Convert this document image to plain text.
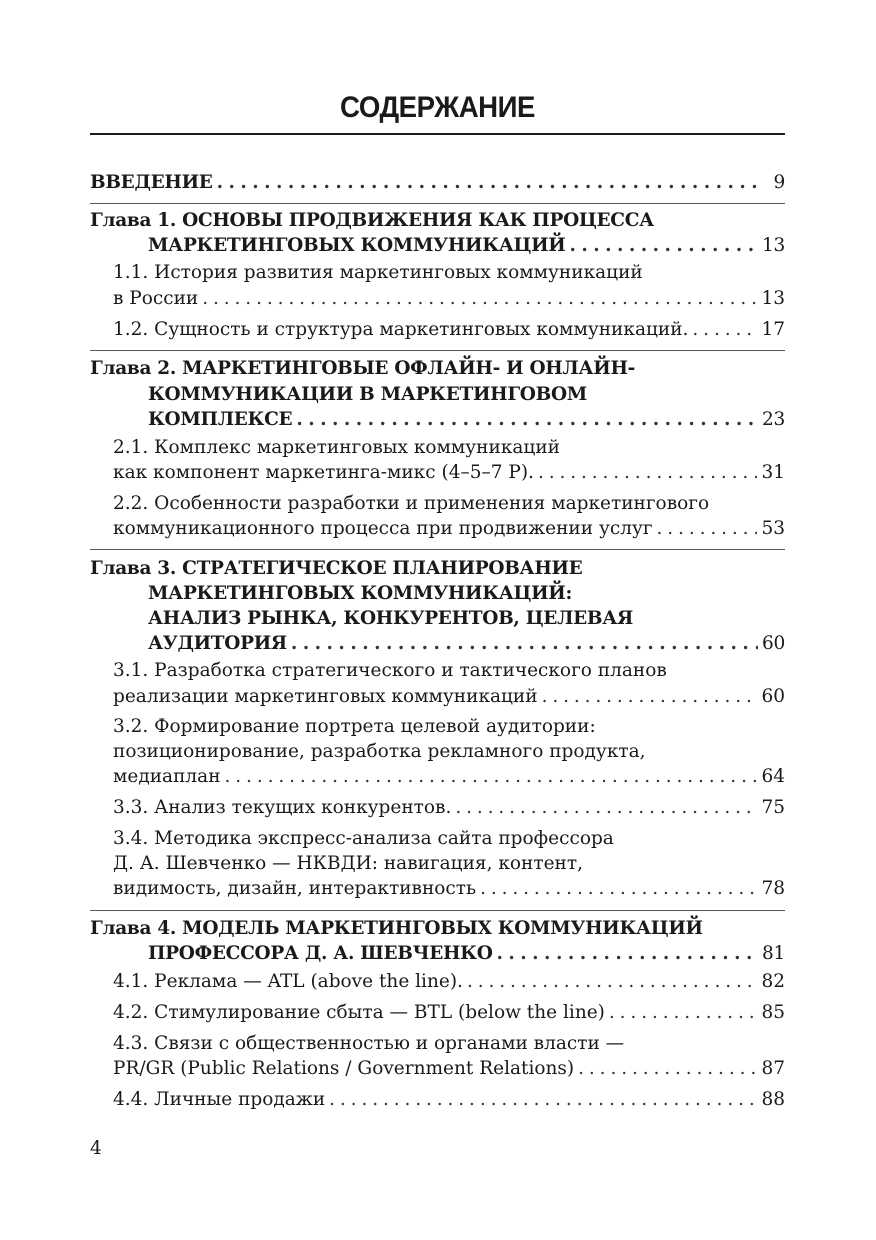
СОДЕРЖАНИЕ
ВВЕДЕНИЕ . . .	9
Глава 1. ОСНОВЫ ПРОДВИЖЕНИЯ КАК ПРОЦЕССА
МАРКЕТИНГОВЫХ КОММУНИКАЦИЙ . . .	13
1.1. История развития маркетинговых коммуникаций
в России . . .	13
1.2. Сущность и структура маркетинговых коммуникаций. . . .	17
Глава 2. МАРКЕТИНГОВЫЕ ОФЛАЙН- И ОНЛАЙН-
КОММУНИКАЦИИ В МАРКЕТИНГОВОМ
КОМПЛЕКСЕ . . .	23
2.1. Комплекс маркетинговых коммуникаций
как компонент маркетинга-микс (4–5–7 P). . . .	31
2.2. Особенности разработки и применения маркетингового
коммуникационного процесса при продвижении услуг . . .	53
Глава 3. СТРАТЕГИЧЕСКОЕ ПЛАНИРОВАНИЕ
МАРКЕТИНГОВЫХ КОММУНИКАЦИЙ:
АНАЛИЗ РЫНКА, КОНКУРЕНТОВ, ЦЕЛЕВАЯ
АУДИТОРИЯ . . .	60
3.1. Разработка стратегического и тактического планов
реализации маркетинговых коммуникаций . . .	60
3.2. Формирование портрета целевой аудитории:
позиционирование, разработка рекламного продукта,
медиаплан . . .	64
3.3. Анализ текущих конкурентов. . . .	75
3.4. Методика экспресс-анализа сайта профессора
Д. А. Шевченко — НКВДИ: навигация, контент,
видимость, дизайн, интерактивность . . .	78
Глава 4. МОДЕЛЬ МАРКЕТИНГОВЫХ КОММУНИКАЦИЙ
ПРОФЕССОРА Д. А. ШЕВЧЕНКО . . .	81
4.1. Реклама — ATL (above the line). . . .	82
4.2. Стимулирование сбыта — BTL (below the line) . . .	85
4.3. Связи с общественностью и органами власти —
PR/GR (Public Relations / Government Relations) . . .	87
4.4. Личные продажи . . .	88
4
